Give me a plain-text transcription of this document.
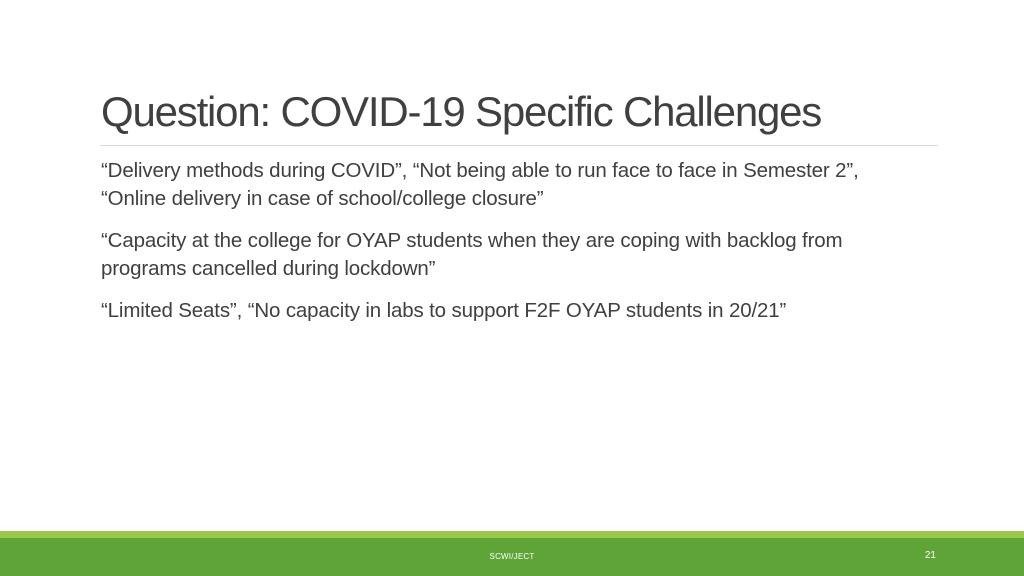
Question: COVID-19 Specific Challenges

“Delivery methods during COVID”, “Not being able to run face to face in Semester 2”, “Online delivery in case of school/college closure”

“Capacity at the college for OYAP students when they are coping with backlog from programs cancelled during lockdown”

“Limited Seats”, “No capacity in labs to support F2F OYAP students in 20/21”

SCWI/JECT	21
